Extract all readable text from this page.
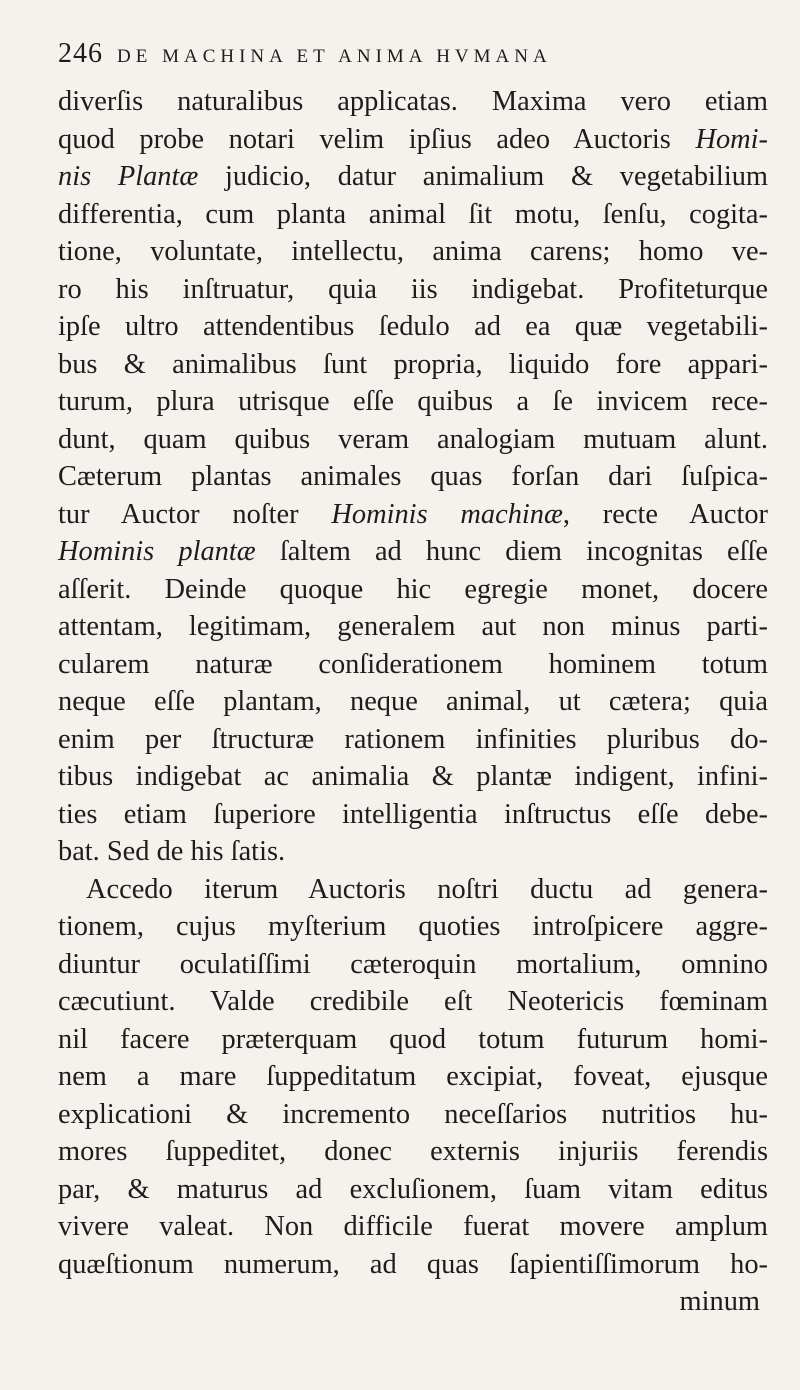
246 DE MACHINA ET ANIMA HVMANA
diverſis naturalibus applicatas. Maxima vero etiam
quod probe notari velim ipſius adeo Auctoris Homi-
nis Plantæ judicio, datur animalium & vegetabilium
differentia, cum planta animal ſit motu, ſenſu, cogita-
tione, voluntate, intellectu, anima carens; homo ve-
ro his inſtruatur, quia iis indigebat. Profiteturque
ipſe ultro attendentibus ſedulo ad ea quæ vegetabili-
bus & animalibus ſunt propria, liquido fore appari-
turum, plura utrisque eſſe quibus a ſe invicem rece-
dunt, quam quibus veram analogiam mutuam alunt.
Cæterum plantas animales quas forſan dari ſuſpica-
tur Auctor noſter Hominis machinæ, recte Auctor
Hominis plantæ ſaltem ad hunc diem incognitas eſſe
aſſerit. Deinde quoque hic egregie monet, docere
attentam, legitimam, generalem aut non minus parti-
cularem naturæ conſiderationem hominem totum
neque eſſe plantam, neque animal, ut cætera; quia
enim per ſtructuræ rationem infinities pluribus do-
tibus indigebat ac animalia & plantæ indigent, infini-
ties etiam ſuperiore intelligentia inſtructus eſſe debe-
bat. Sed de his ſatis.
Accedo iterum Auctoris noſtri ductu ad genera-
tionem, cujus myſterium quoties introſpicere aggre-
diuntur oculatiſſimi cæteroquin mortalium, omnino
cæcutiunt. Valde credibile eſt Neotericis fœminam
nil facere præterquam quod totum futurum homi-
nem a mare ſuppeditatum excipiat, foveat, ejusque
explicationi & incremento neceſſarios nutritios hu-
mores ſuppeditet, donec externis injuriis ferendis
par, & maturus ad excluſionem, ſuam vitam editus
vivere valeat. Non difficile fuerat movere amplum
quæſtionum numerum, ad quas ſapientiſſimorum ho-
minum
